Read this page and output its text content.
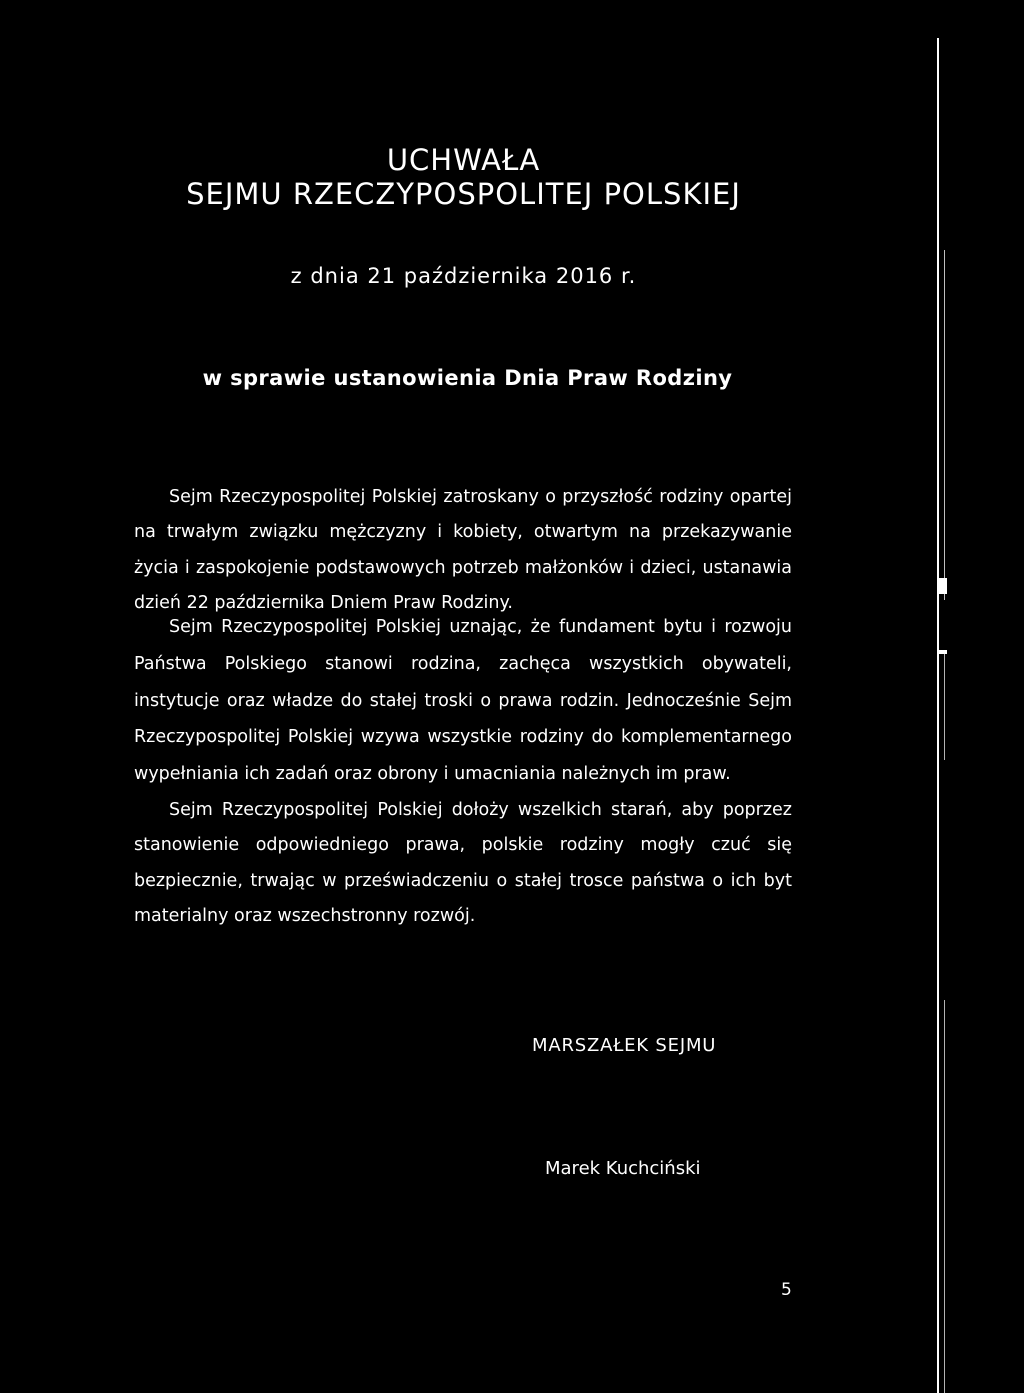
UCHWAŁA
SEJMU RZECZYPOSPOLITEJ POLSKIEJ
z dnia 21 października 2016 r.
w sprawie ustanowienia Dnia Praw Rodziny

Sejm Rzeczypospolitej Polskiej zatroskany o przyszłość rodziny opartej na trwałym związku mężczyzny i kobiety, otwartym na przekazywanie życia i zaspokojenie podstawowych potrzeb małżonków i dzieci, ustanawia dzień 22 października Dniem Praw Rodziny.

Sejm Rzeczypospolitej Polskiej uznając, że fundament bytu i rozwoju Państwa Polskiego stanowi rodzina, zachęca wszystkich obywateli, instytucje oraz władze do stałej troski o prawa rodzin. Jednocześnie Sejm Rzeczypospolitej Polskiej wzywa wszystkie rodziny do komplementarnego wypełniania ich zadań oraz obrony i umacniania należnych im praw.

Sejm Rzeczypospolitej Polskiej dołoży wszelkich starań, aby poprzez stanowienie odpowiedniego prawa, polskie rodziny mogły czuć się bezpiecznie, trwając w przeświadczeniu o stałej trosce państwa o ich byt materialny oraz wszechstronny rozwój.

MARSZAŁEK SEJMU
Marek Kuchciński
5
